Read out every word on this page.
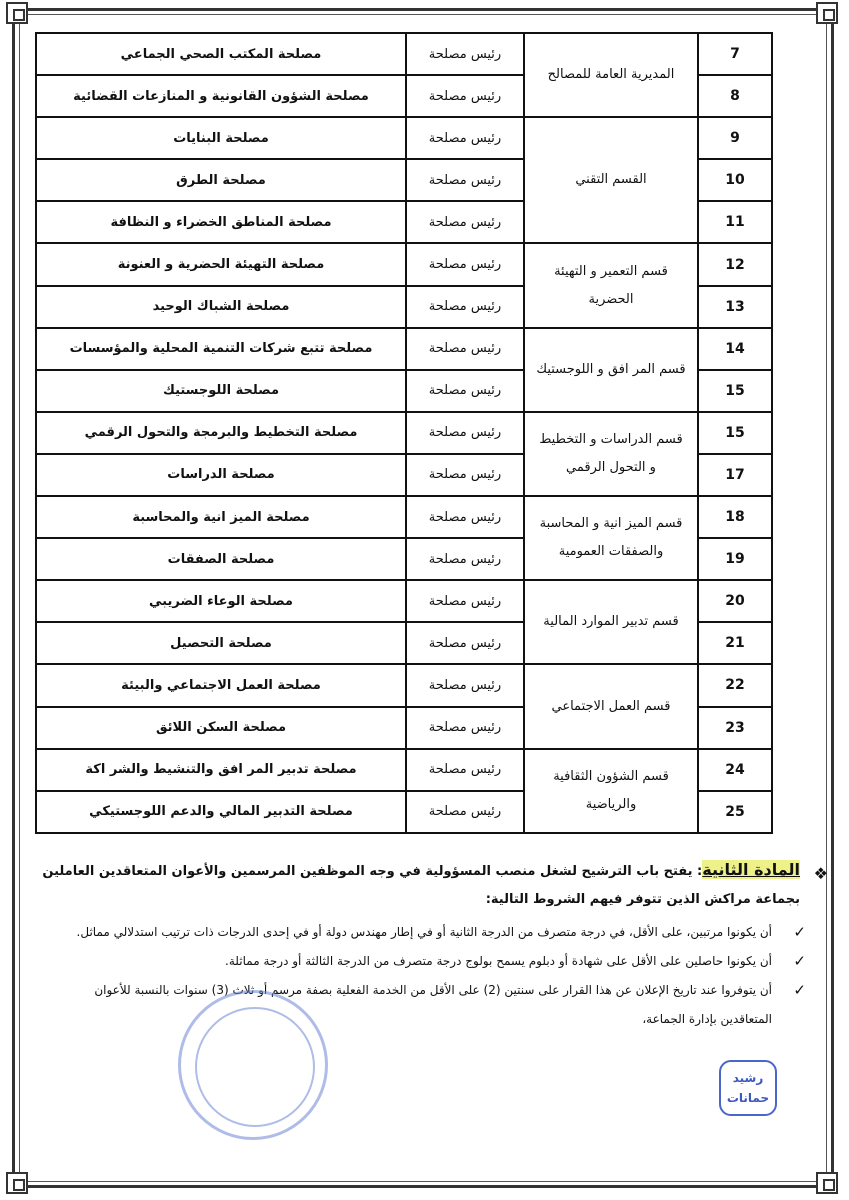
7	المديرية العامة للمصالح	رئيس مصلحة	مصلحة المكتب الصحي الجماعي
8		رئيس مصلحة	مصلحة الشؤون القانونية و المنازعات القضائية
9	القسم التقني	رئيس مصلحة	مصلحة البنايات
10		رئيس مصلحة	مصلحة الطرق
11		رئيس مصلحة	مصلحة المناطق الخضراء و النظافة
12	قسم التعمير و التهيئة الحضرية	رئيس مصلحة	مصلحة التهيئة الحضرية و العنونة
13		رئيس مصلحة	مصلحة الشباك الوحيد
14	قسم المر افق و اللوجستيك	رئيس مصلحة	مصلحة تتبع شركات التنمية المحلية والمؤسسات
15		رئيس مصلحة	مصلحة اللوجستيك
15	قسم الدراسات و التخطيط و التحول الرقمي	رئيس مصلحة	مصلحة التخطيط والبرمجة والتحول الرقمي
17		رئيس مصلحة	مصلحة الدراسات
18	قسم الميز انية و المحاسبة والصفقات العمومية	رئيس مصلحة	مصلحة الميز انية والمحاسبة
19		رئيس مصلحة	مصلحة الصفقات
20	قسم تدبير الموارد المالية	رئيس مصلحة	مصلحة الوعاء الضريبي
21		رئيس مصلحة	مصلحة التحصيل
22	قسم العمل الاجتماعي	رئيس مصلحة	مصلحة العمل الاجتماعي والبيئة
23		رئيس مصلحة	مصلحة السكن اللائق
24	قسم الشؤون الثقافية والرياضية	رئيس مصلحة	مصلحة تدبير المر افق والتنشيط والشر اكة
25		رئيس مصلحة	مصلحة التدبير المالي والدعم اللوجستيكي
❖
المادة الثانية: يفتح باب الترشيح لشغل منصب المسؤولية في وجه الموظفين المرسمين والأعوان المتعاقدين العاملين بجماعة مراكش الذين تتوفر فيهم الشروط التالية:
✓
أن يكونوا مرتبين، على الأقل، في درجة متصرف من الدرجة الثانية أو في إطار مهندس دولة أو في إحدى الدرجات ذات ترتيب استدلالي مماثل.
✓
أن يكونوا حاصلين على الأقل على شهادة أو دبلوم يسمح بولوج درجة متصرف من الدرجة الثالثة أو درجة مماثلة.
✓
أن يتوفروا عند تاريخ الإعلان عن هذا القرار على سنتين (2) على الأقل من الخدمة الفعلية بصفة مرسم أو ثلاث (3) سنوات بالنسبة للأعوان المتعاقدين بإدارة الجماعة،
رشيد
حمانات
